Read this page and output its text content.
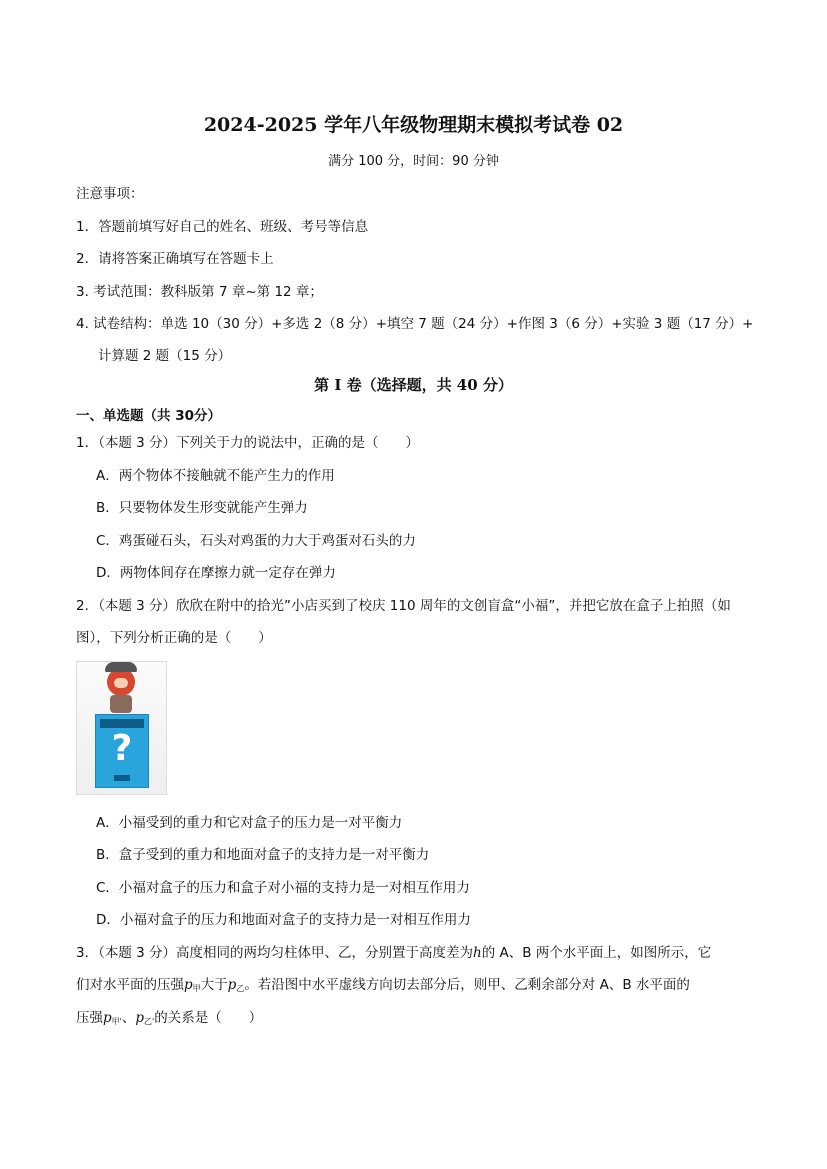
2024-2025 学年八年级物理期末模拟考试卷 02
满分 100 分，时间：90 分钟
注意事项：
1．答题前填写好自己的姓名、班级、考号等信息
2．请将答案正确填写在答题卡上
3. 考试范围：教科版第 7 章~第 12 章；
4. 试卷结构：单选 10（30 分）+多选 2（8 分）+填空 7 题（24 分）+作图 3（6 分）+实验 3 题（17 分）+
计算题 2 题（15 分）
第 I 卷（选择题，共 40 分）
一、单选题（共 30分）
1．（本题 3 分）下列关于力的说法中，正确的是（　　）
A．两个物体不接触就不能产生力的作用
B．只要物体发生形变就能产生弹力
C．鸡蛋碰石头，石头对鸡蛋的力大于鸡蛋对石头的力
D．两物体间存在摩擦力就一定存在弹力
2．（本题 3 分）欣欣在附中的拾光”小店买到了校庆 110 周年的文创盲盒“小福”，并把它放在盒子上拍照（如
图），下列分析正确的是（　　）
?
A．小福受到的重力和它对盒子的压力是一对平衡力
B．盒子受到的重力和地面对盒子的支持力是一对平衡力
C．小福对盒子的压力和盒子对小福的支持力是一对相互作用力
D．小福对盒子的压力和地面对盒子的支持力是一对相互作用力
3．（本题 3 分）高度相同的两均匀柱体甲、乙，分别置于高度差为h的 A、B 两个水平面上，如图所示，它
们对水平面的压强$p_甲$大于$p_乙$。若沿图中水平虚线方向切去部分后，则甲、乙剩余部分对 A、B 水平面的
压强$p_{甲'}$、$p_{乙'}$的关系是（　　）
